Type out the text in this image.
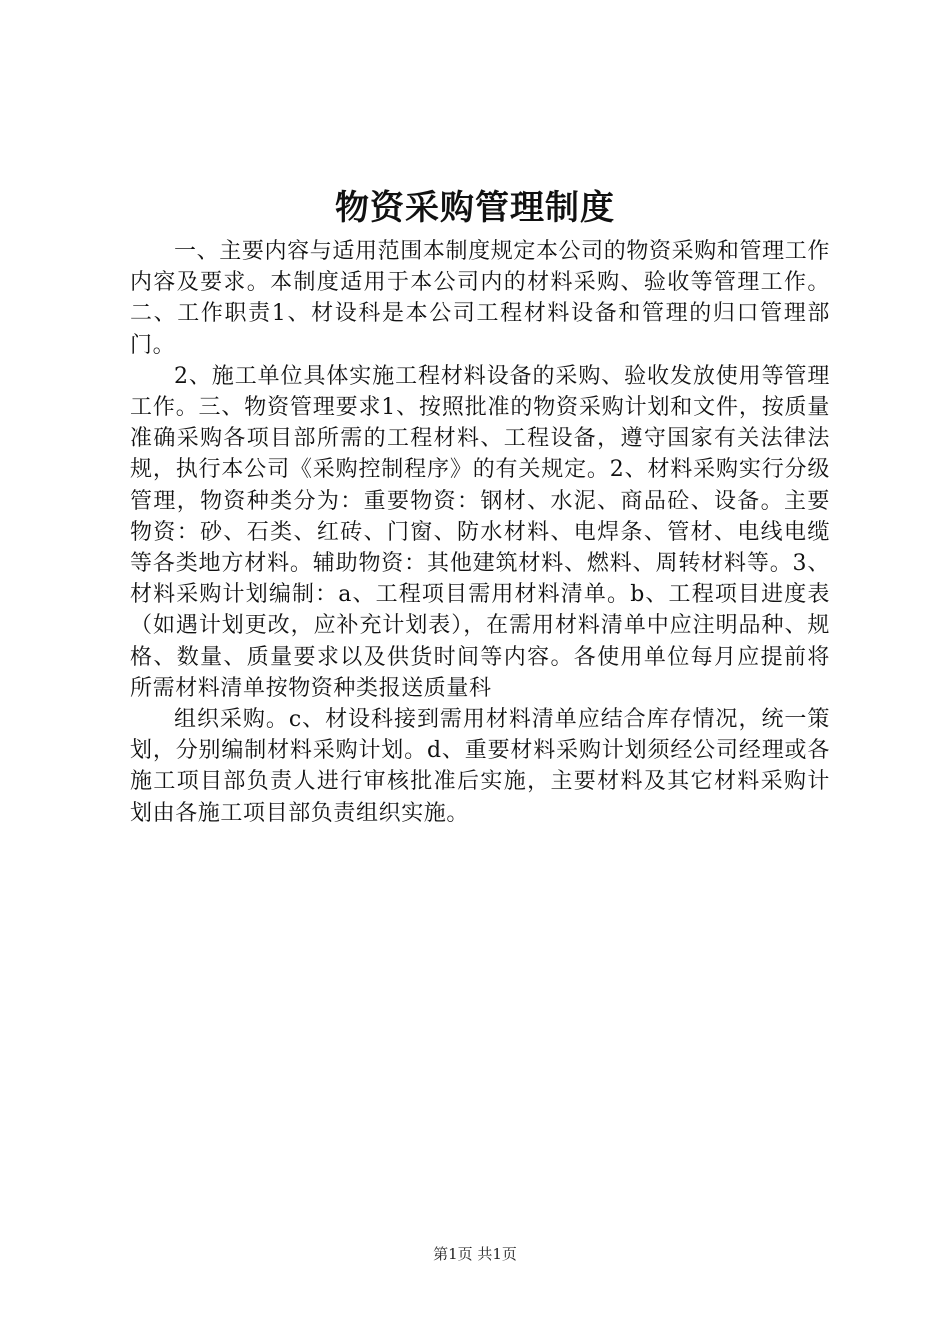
物资采购管理制度

一、主要内容与适用范围本制度规定本公司的物资采购和管理工作内容及要求。本制度适用于本公司内的材料采购、验收等管理工作。二、工作职责1、材设科是本公司工程材料设备和管理的归口管理部门。

2、施工单位具体实施工程材料设备的采购、验收发放使用等管理工作。三、物资管理要求1、按照批准的物资采购计划和文件，按质量准确采购各项目部所需的工程材料、工程设备，遵守国家有关法律法规，执行本公司《采购控制程序》的有关规定。2、材料采购实行分级管理，物资种类分为：重要物资：钢材、水泥、商品砼、设备。主要物资：砂、石类、红砖、门窗、防水材料、电焊条、管材、电线电缆等各类地方材料。辅助物资：其他建筑材料、燃料、周转材料等。3、材料采购计划编制：a、工程项目需用材料清单。b、工程项目进度表（如遇计划更改，应补充计划表），在需用材料清单中应注明品种、规格、数量、质量要求以及供货时间等内容。各使用单位每月应提前将所需材料清单按物资种类报送质量科

组织采购。c、材设科接到需用材料清单应结合库存情况，统一策划，分别编制材料采购计划。d、重要材料采购计划须经公司经理或各施工项目部负责人进行审核批准后实施，主要材料及其它材料采购计划由各施工项目部负责组织实施。

第1页 共1页
